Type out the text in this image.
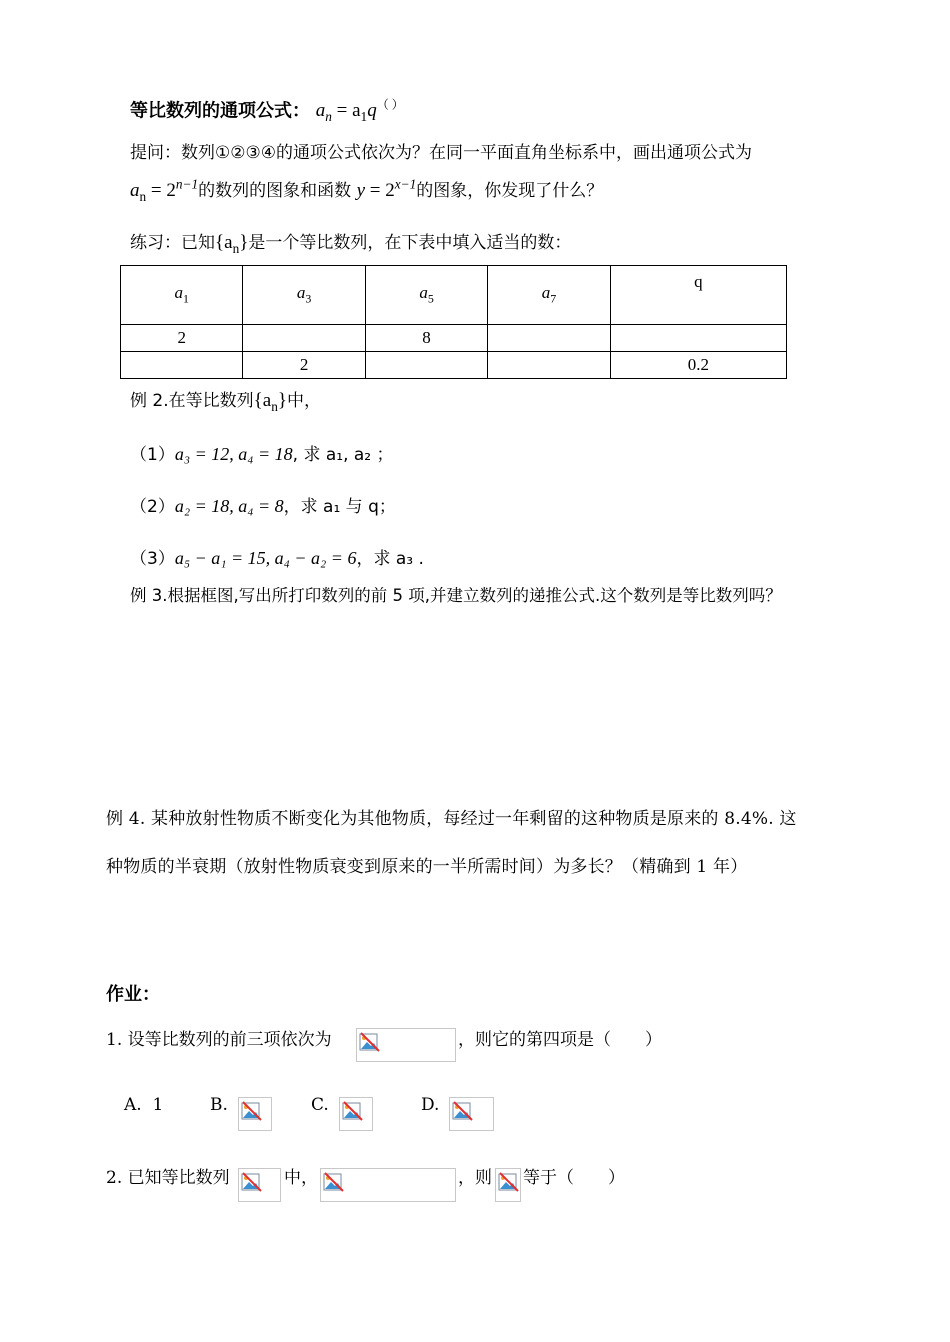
等比数列的通项公式： $a_n = a_1q^{( )}$
提问：数列①②③④的通项公式依次为？在同一平面直角坐标系中，画出通项公式为
$a_n = 2^{n-1}$的数列的图象和函数 $y = 2^{x-1}$的图象，你发现了什么？
练习：已知$\{a_n\}$是一个等比数列，在下表中填入适当的数：
$a_1$	$a_3$	$a_5$	$a_7$	q
2		8		
	2			0.2
例 2.在等比数列$\{a_n\}$中，
（1）a₃ = 12, a₄ = 18, 求 a₁, a₂ ；
（2）a₂ = 18, a₄ = 8，求 a₁ 与 q；
（3）a₅ − a₁ = 15, a₄ − a₂ = 6，求 a₃ .
例 3.根据框图,写出所打印数列的前 5 项,并建立数列的递推公式.这个数列是等比数列吗？
例 4. 某种放射性物质不断变化为其他物质，每经过一年剩留的这种物质是原来的 8.4%. 这
种物质的半衰期（放射性物质衰变到原来的一半所需时间）为多长？（精确到 1 年）
作业：
1. 设等比数列的前三项依次为	，则它的第四项是（　　）
A. 1	B.	C.	D.
2. 已知等比数列	中，	，则 等于（　　）
